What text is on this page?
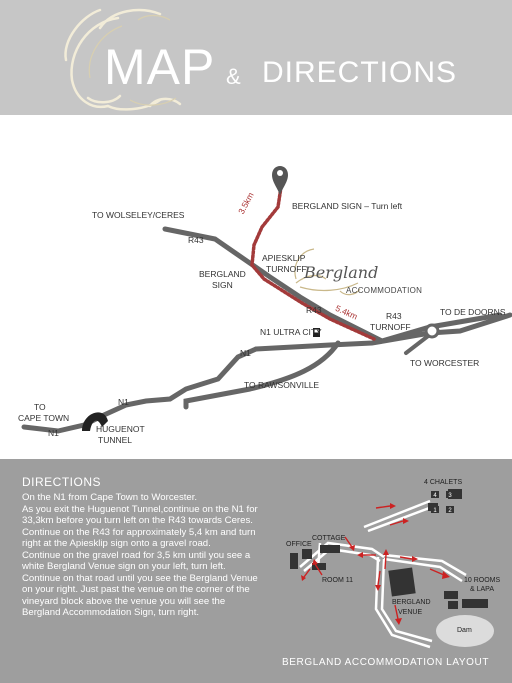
MAP & DIRECTIONS
Bergland
ACCOMMODATION
BERGLAND SIGN – Turn left
TO WOLSELEY/CERES
R43
3.5km
APIESKLIP
TURNOFF
BERGLAND
SIGN
R43 5.4km	R43
TURNOFF
TO DE DOORNS
N1 ULTRA CITY
N1
TO WORCESTER
TO RAWSONVILLE
N1
TO
CAPE TOWN
N1	HUGUENOT
TUNNEL
DIRECTIONS

On the N1 from Cape Town to Worcester.

As you exit the Huguenot Tunnel,continue on the N1 for 33,3km before you turn left on the R43 towards Ceres.

Continue on the R43 for approximately 5,4 km and turn right at the Apiesklip sign onto a gravel road.

Continue on the gravel road for 3,5 km until you see a white Bergland Venue sign on your left, turn left.

Continue on that road until you see the Bergland Venue on your right. Just past the venue on the corner of the vineyard block above the venue you will see the Bergland Accommodation Sign, turn right.

4 3
1 2
4 CHALETS
OFFICE
COTTAGE
ROOM 11
BERGLAND
VENUE
10 ROOMS
& LAPA
Dam
BERGLAND ACCOMMODATION LAYOUT
